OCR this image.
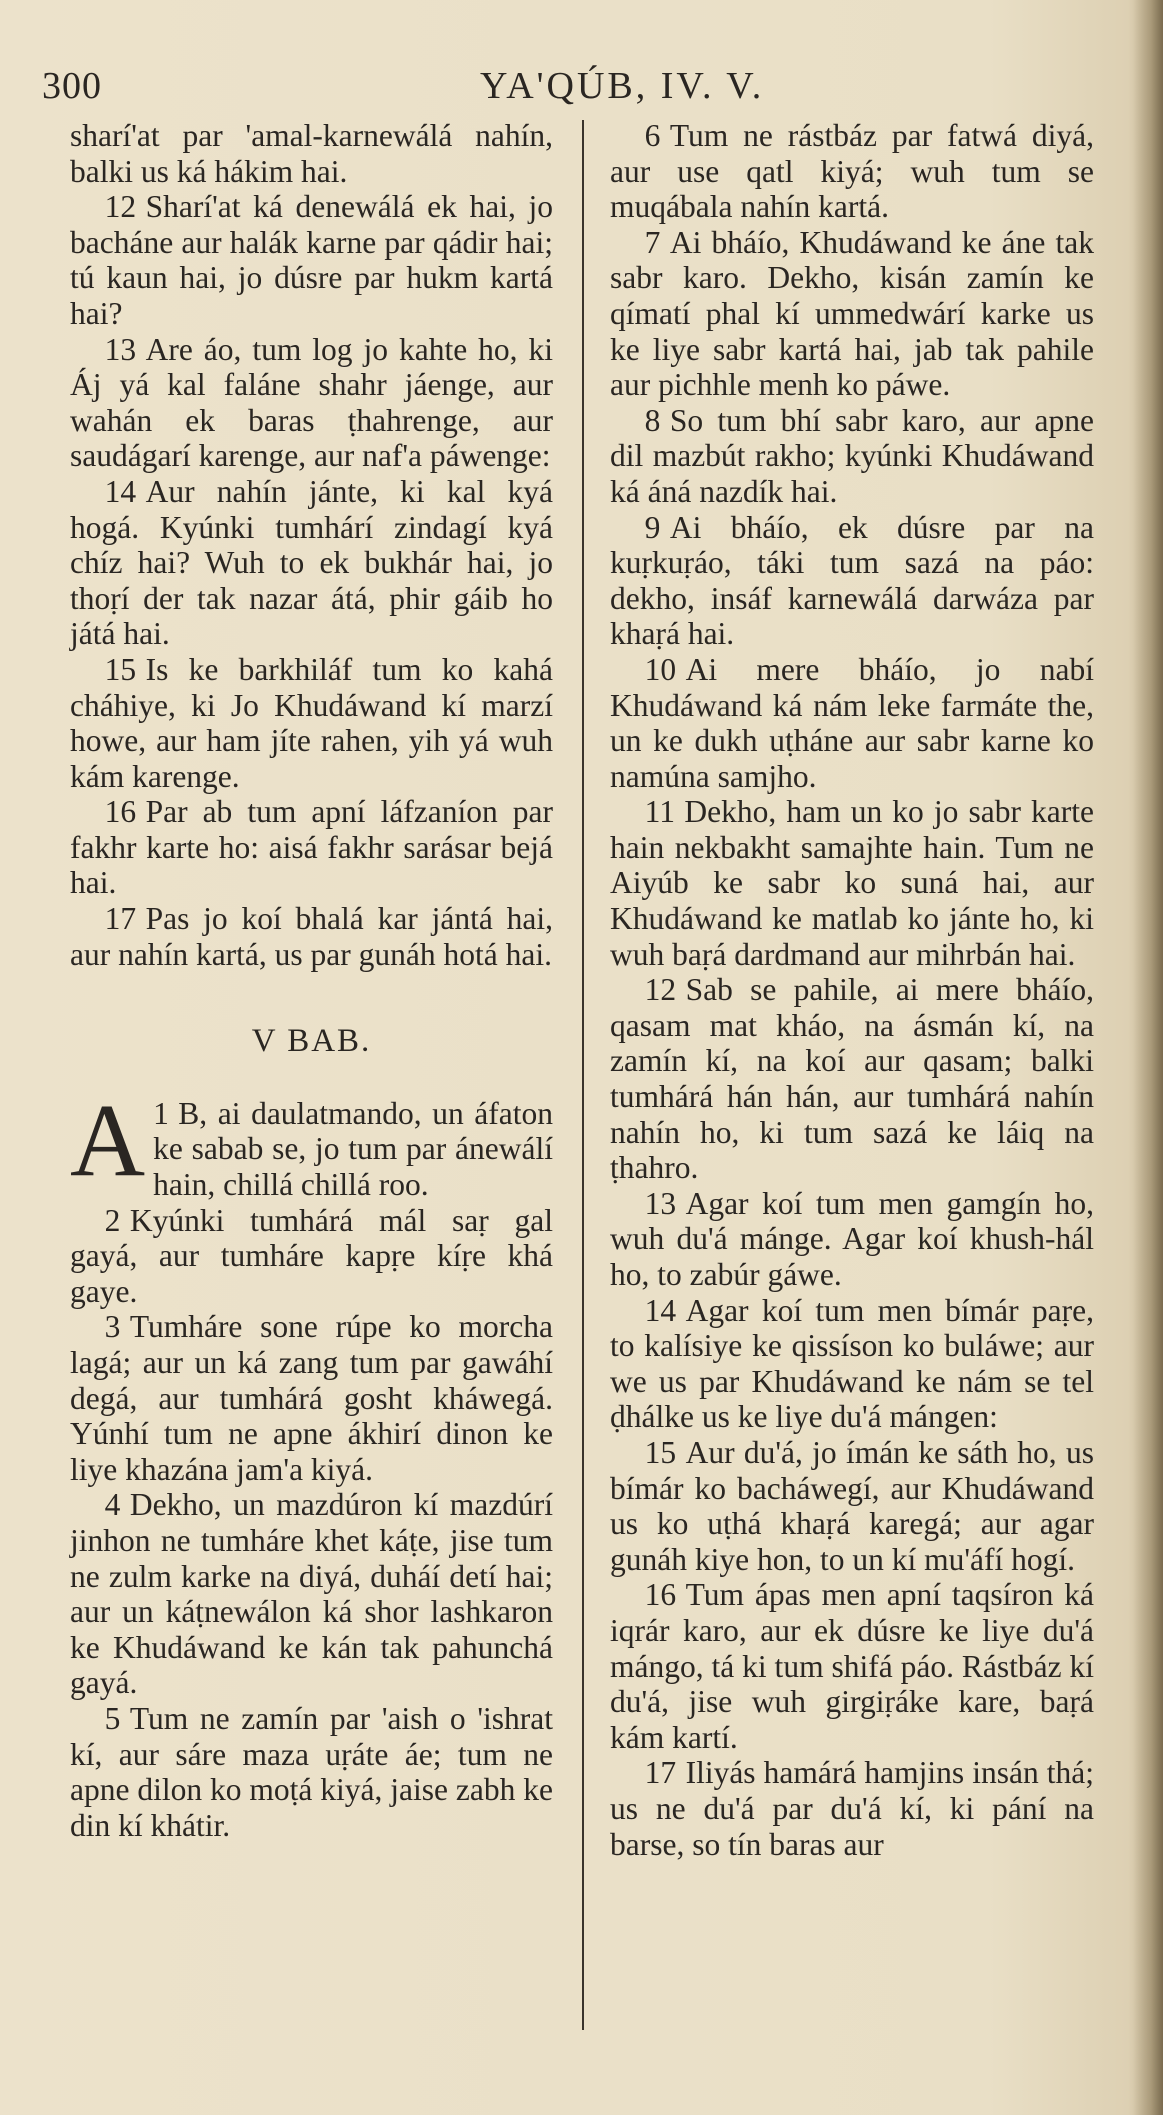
300	YA'QÚB, IV. V.

sharí'at par 'amal-karnewálá nahín, balki us ká hákim hai.

12 Sharí'at ká denewálá ek hai, jo bacháne aur halák karne par qádir hai; tú kaun hai, jo dúsre par hukm kartá hai?

13 Are áo, tum log jo kahte ho, ki Áj yá kal faláne shahr jáenge, aur wahán ek baras ṭhahrenge, aur saudágarí karenge, aur naf'a páwenge:

14 Aur nahín jánte, ki kal kyá hogá. Kyúnki tumhárí zindagí kyá chíz hai? Wuh to ek bukhár hai, jo thoṛí der tak nazar átá, phir gáib ho játá hai.

15 Is ke barkhiláf tum ko kahá cháhiye, ki Jo Khudáwand kí marzí howe, aur ham jíte rahen, yih yá wuh kám karenge.

16 Par ab tum apní láfzaníon par fakhr karte ho: aisá fakhr sarásar bejá hai.

17 Pas jo koí bhalá kar jántá hai, aur nahín kartá, us par gunáh hotá hai.

V BAB.

1
A B, ai daulatmando, un áfaton ke sabab se, jo tum par ánewálí hain, chillá chillá roo.

2 Kyúnki tumhárá mál saṛ gal gayá, aur tumháre kapṛe kíṛe khá gaye.

3 Tumháre sone rúpe ko morcha lagá; aur un ká zang tum par gawáhí degá, aur tumhárá gosht kháwegá. Yúnhí tum ne apne ákhirí dinon ke liye khazána jam'a kiyá.

4 Dekho, un mazdúron kí mazdúrí jinhon ne tumháre khet káṭe, jise tum ne zulm karke na diyá, duháí detí hai; aur un káṭnewálon ká shor lashkaron ke Khudáwand ke kán tak pahunchá gayá.

5 Tum ne zamín par 'aish o 'ishrat kí, aur sáre maza uṛáte áe; tum ne apne dilon ko moṭá kiyá, jaise zabh ke din kí khátir.

6 Tum ne rástbáz par fatwá diyá, aur use qatl kiyá; wuh tum se muqábala nahín kartá.

7 Ai bháío, Khudáwand ke áne tak sabr karo. Dekho, kisán zamín ke qímatí phal kí ummedwárí karke us ke liye sabr kartá hai, jab tak pahile aur pichhle menh ko páwe.

8 So tum bhí sabr karo, aur apne dil mazbút rakho; kyúnki Khudáwand ká áná nazdík hai.

9 Ai bháío, ek dúsre par na kuṛkuṛáo, táki tum sazá na páo: dekho, insáf karnewálá darwáza par khaṛá hai.

10 Ai mere bháío, jo nabí Khudáwand ká nám leke farmáte the, un ke dukh uṭháne aur sabr karne ko namúna samjho.

11 Dekho, ham un ko jo sabr karte hain nekbakht samajhte hain. Tum ne Aiyúb ke sabr ko suná hai, aur Khudáwand ke matlab ko jánte ho, ki wuh baṛá dardmand aur mihrbán hai.

12 Sab se pahile, ai mere bháío, qasam mat kháo, na ásmán kí, na zamín kí, na koí aur qasam; balki tumhárá hán hán, aur tumhárá nahín nahín ho, ki tum sazá ke láiq na ṭhahro.

13 Agar koí tum men gamgín ho, wuh du'á mánge. Agar koí khush-hál ho, to zabúr gáwe.

14 Agar koí tum men bímár paṛe, to kalísiye ke qissíson ko buláwe; aur we us par Khudáwand ke nám se tel ḍhálke us ke liye du'á mángen:

15 Aur du'á, jo ímán ke sáth ho, us bímár ko bacháwegí, aur Khudáwand us ko uṭhá khaṛá karegá; aur agar gunáh kiye hon, to un kí mu'áfí hogí.

16 Tum ápas men apní taqsíron ká iqrár karo, aur ek dúsre ke liye du'á mángo, tá ki tum shifá páo. Rástbáz kí du'á, jise wuh girgiṛáke kare, baṛá kám kartí.

17 Iliyás hamárá hamjins insán thá; us ne du'á par du'á kí, ki pání na barse, so tín baras aur
